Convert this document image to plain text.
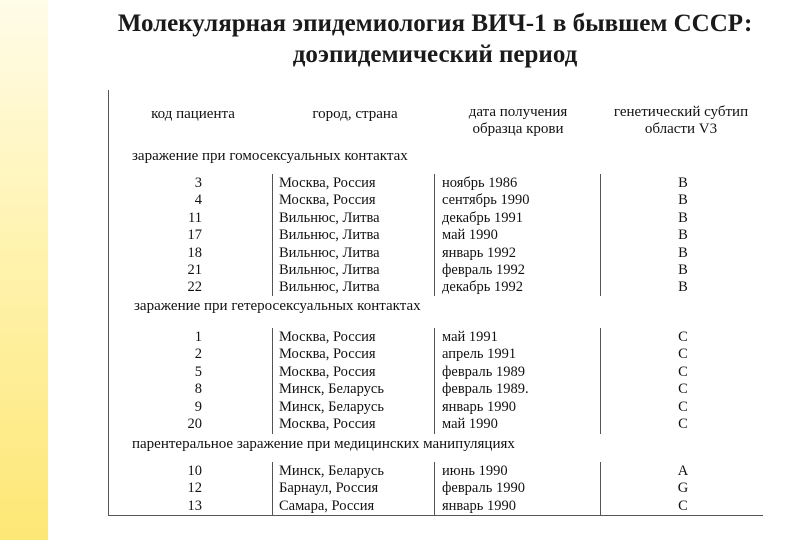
Молекулярная эпидемиология ВИЧ-1 в бывшем СССР:
доэпидемический период
код пациента	город, страна	дата получения
образца крови
генетический субтип
области V3
заражение при гомосексуальных контактах
заражение при гетеросексуальных контактах
парентеральное заражение при медицинских манипуляциях
3
4
11
17
18
21
22
Москва, Россия
Москва, Россия
Вильнюс, Литва
Вильнюс, Литва
Вильнюс, Литва
Вильнюс, Литва
Вильнюс, Литва
ноябрь 1986
сентябрь 1990
декабрь 1991
май 1990
январь 1992
февраль 1992
декабрь 1992
B
B
B
B
B
B
B
1
2
5
8
9
20
Москва, Россия
Москва, Россия
Москва, Россия
Минск, Беларусь
Минск, Беларусь
Москва, Россия
май 1991
апрель 1991
февраль 1989
февраль 1989.
январь 1990
май 1990
C
C
C
C
C
C
10
12
13
Минск, Беларусь
Барнаул, Россия
Самара, Россия
июнь 1990
февраль 1990
январь 1990
A
G
C
